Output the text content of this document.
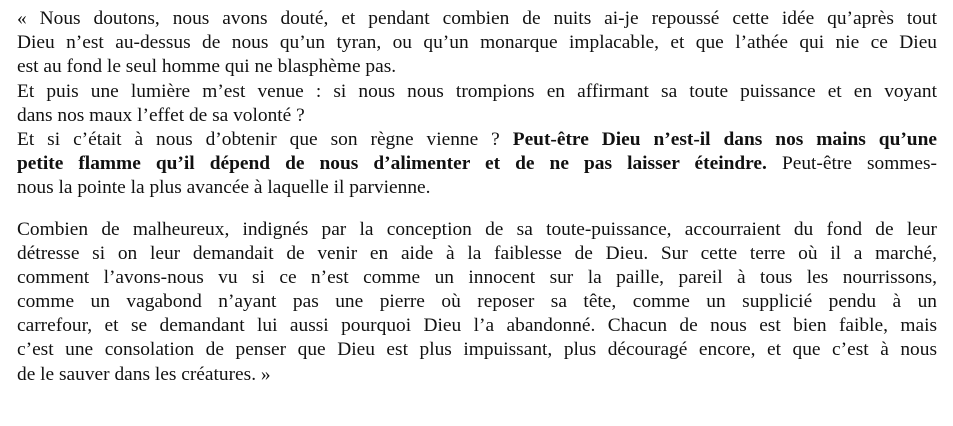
« Nous doutons, nous avons douté, et pendant combien de nuits ai-je repoussé cette idée qu’après tout
Dieu n’est au-dessus de nous qu’un tyran, ou qu’un monarque implacable, et que l’athée qui nie ce Dieu
est au fond le seul homme qui ne blasphème pas.
Et puis une lumière m’est venue : si nous nous trompions en affirmant sa toute puissance et en voyant
dans nos maux l’effet de sa volonté ?
Et si c’était à nous d’obtenir que son règne vienne ? Peut-être Dieu n’est-il dans nos mains qu’une
petite flamme qu’il dépend de nous d’alimenter et de ne pas laisser éteindre. Peut-être sommes-
nous la pointe la plus avancée à laquelle il parvienne.
Combien de malheureux, indignés par la conception de sa toute-puissance, accourraient du fond de leur
détresse si on leur demandait de venir en aide à la faiblesse de Dieu. Sur cette terre où il a marché,
comment l’avons-nous vu si ce n’est comme un innocent sur la paille, pareil à tous les nourrissons,
comme un vagabond n’ayant pas une pierre où reposer sa tête, comme un supplicié pendu à un
carrefour, et se demandant lui aussi pourquoi Dieu l’a abandonné. Chacun de nous est bien faible, mais
c’est une consolation de penser que Dieu est plus impuissant, plus découragé encore, et que c’est à nous
de le sauver dans les créatures. »
